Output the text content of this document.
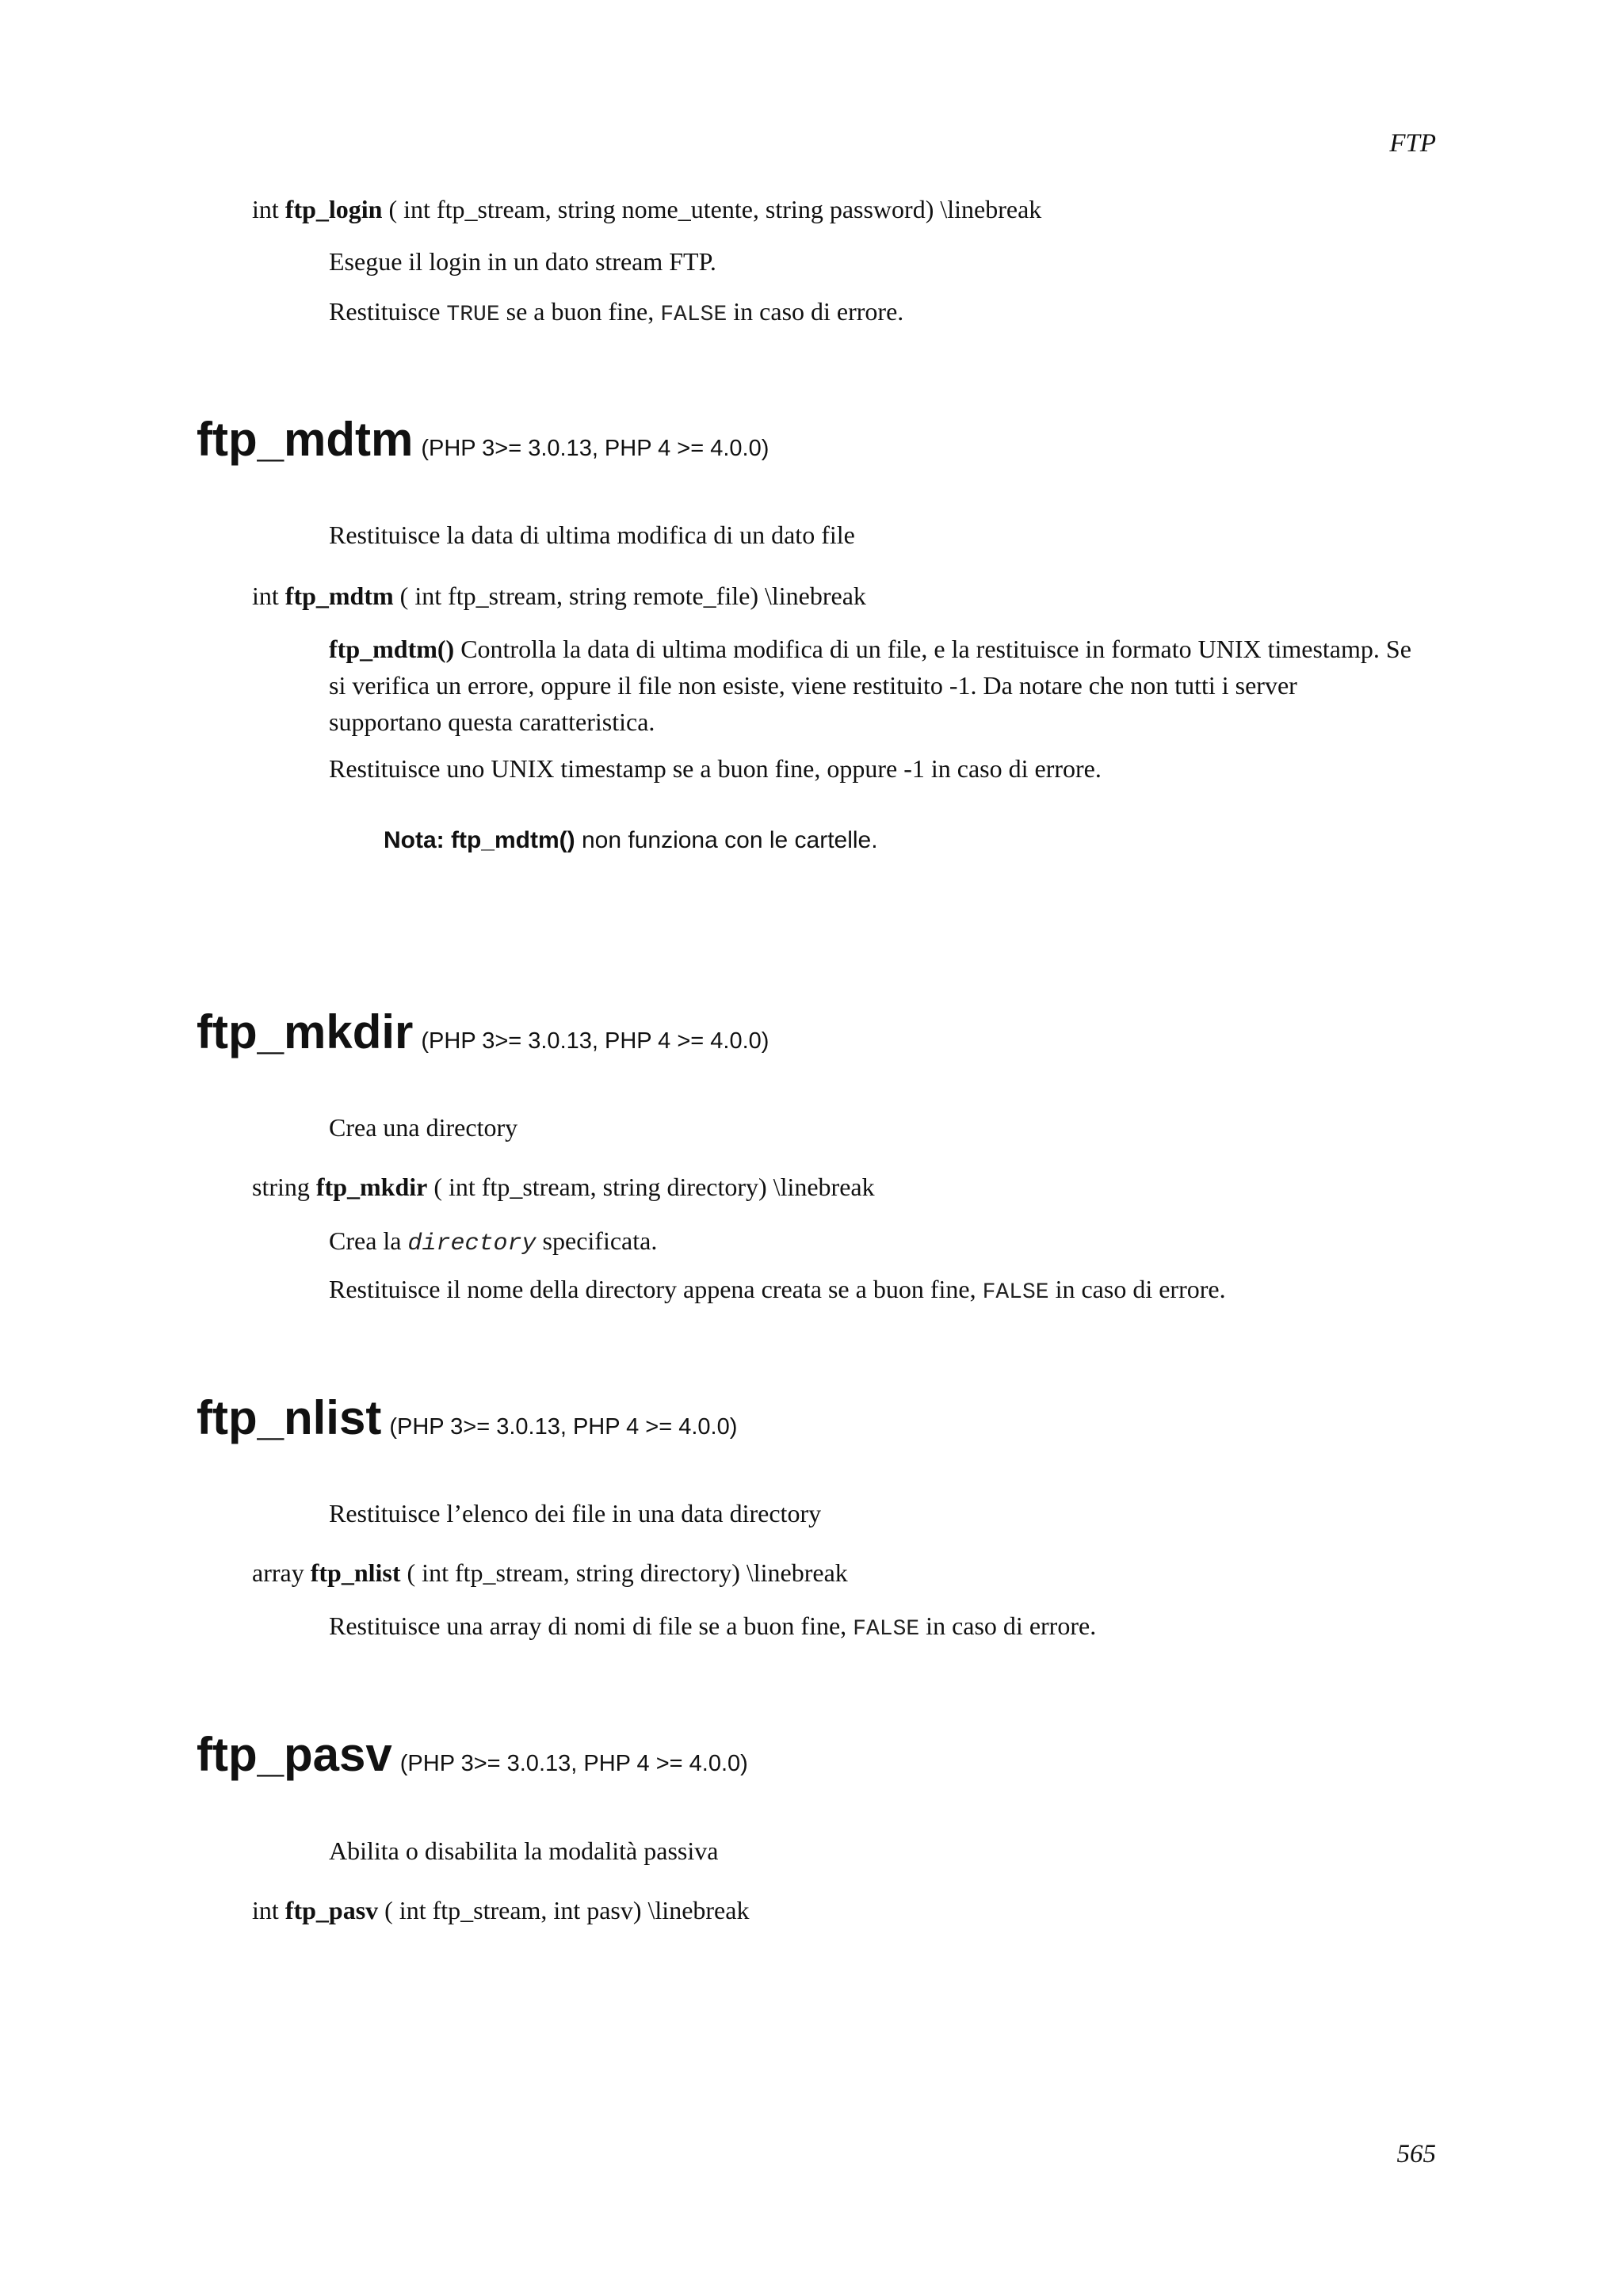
FTP
int ftp_login ( int ftp_stream, string nome_utente, string password) \linebreak
Esegue il login in un dato stream FTP.
Restituisce TRUE se a buon fine, FALSE in caso di errore.
ftp_mdtm (PHP 3>= 3.0.13, PHP 4 >= 4.0.0)
Restituisce la data di ultima modifica di un dato file
int ftp_mdtm ( int ftp_stream, string remote_file) \linebreak
ftp_mdtm() Controlla la data di ultima modifica di un file, e la restituisce in formato UNIX timestamp. Se si verifica un errore, oppure il file non esiste, viene restituito -1. Da notare che non tutti i server supportano questa caratteristica.
Restituisce uno UNIX timestamp se a buon fine, oppure -1 in caso di errore.
Nota: ftp_mdtm() non funziona con le cartelle.
ftp_mkdir (PHP 3>= 3.0.13, PHP 4 >= 4.0.0)
Crea una directory
string ftp_mkdir ( int ftp_stream, string directory) \linebreak
Crea la directory specificata.
Restituisce il nome della directory appena creata se a buon fine, FALSE in caso di errore.
ftp_nlist (PHP 3>= 3.0.13, PHP 4 >= 4.0.0)
Restituisce l’elenco dei file in una data directory
array ftp_nlist ( int ftp_stream, string directory) \linebreak
Restituisce una array di nomi di file se a buon fine, FALSE in caso di errore.
ftp_pasv (PHP 3>= 3.0.13, PHP 4 >= 4.0.0)
Abilita o disabilita la modalità passiva
int ftp_pasv ( int ftp_stream, int pasv) \linebreak
565
